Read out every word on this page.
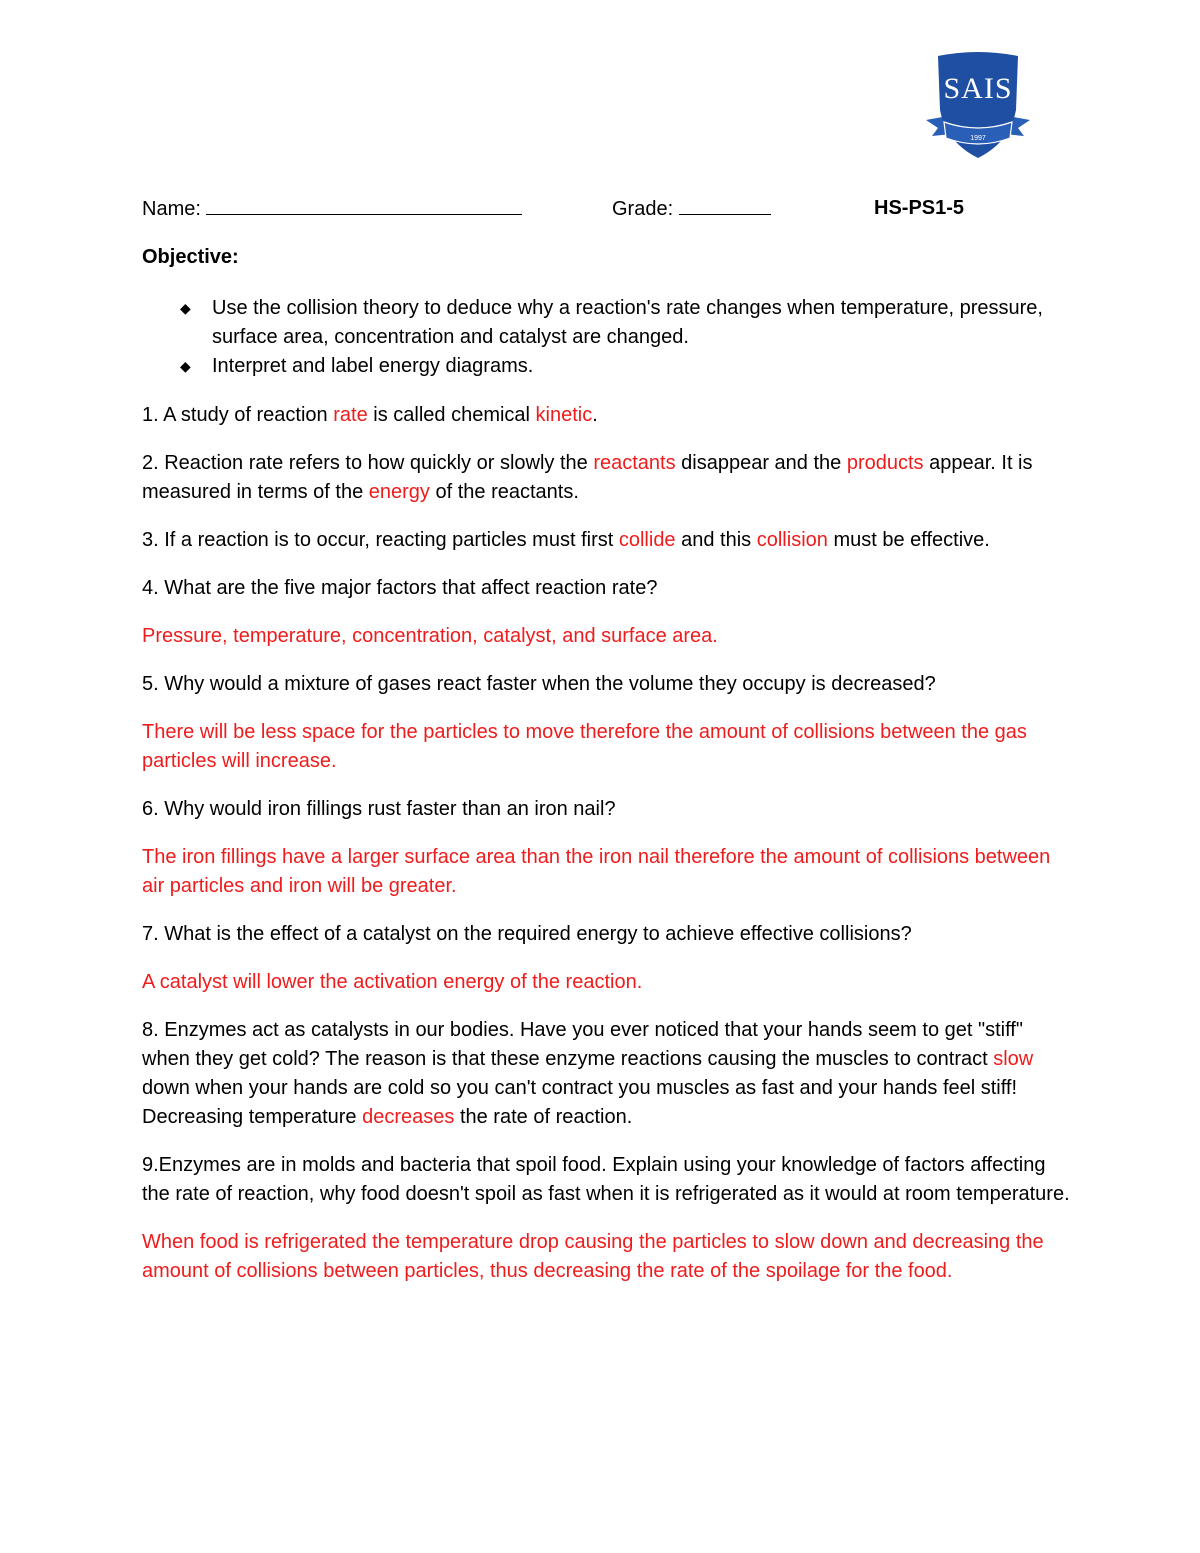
SAIS
1997
Name:	Grade:	HS-PS1-5

Objective:

◆ Use the collision theory to deduce why a reaction's rate changes when temperature, pressure, surface area, concentration and catalyst are changed.
◆ Interpret and label energy diagrams.

1. A study of reaction rate is called chemical kinetic.

2. Reaction rate refers to how quickly or slowly the reactants disappear and the products appear. It is measured in terms of the energy of the reactants.

3. If a reaction is to occur, reacting particles must first collide and this collision must be effective.

4. What are the five major factors that affect reaction rate?

Pressure, temperature, concentration, catalyst, and surface area.

5. Why would a mixture of gases react faster when the volume they occupy is decreased?

There will be less space for the particles to move therefore the amount of collisions between the gas particles will increase.

6. Why would iron fillings rust faster than an iron nail?

The iron fillings have a larger surface area than the iron nail therefore the amount of collisions between air particles and iron will be greater.

7. What is the effect of a catalyst on the required energy to achieve effective collisions?

A catalyst will lower the activation energy of the reaction.

8. Enzymes act as catalysts in our bodies. Have you ever noticed that your hands seem to get "stiff" when they get cold? The reason is that these enzyme reactions causing the muscles to contract slow down when your hands are cold so you can't contract you muscles as fast and your hands feel stiff! Decreasing temperature decreases the rate of reaction.

9.Enzymes are in molds and bacteria that spoil food. Explain using your knowledge of factors affecting the rate of reaction, why food doesn't spoil as fast when it is refrigerated as it would at room temperature.

When food is refrigerated the temperature drop causing the particles to slow down and decreasing the amount of collisions between particles, thus decreasing the rate of the spoilage for the food.
